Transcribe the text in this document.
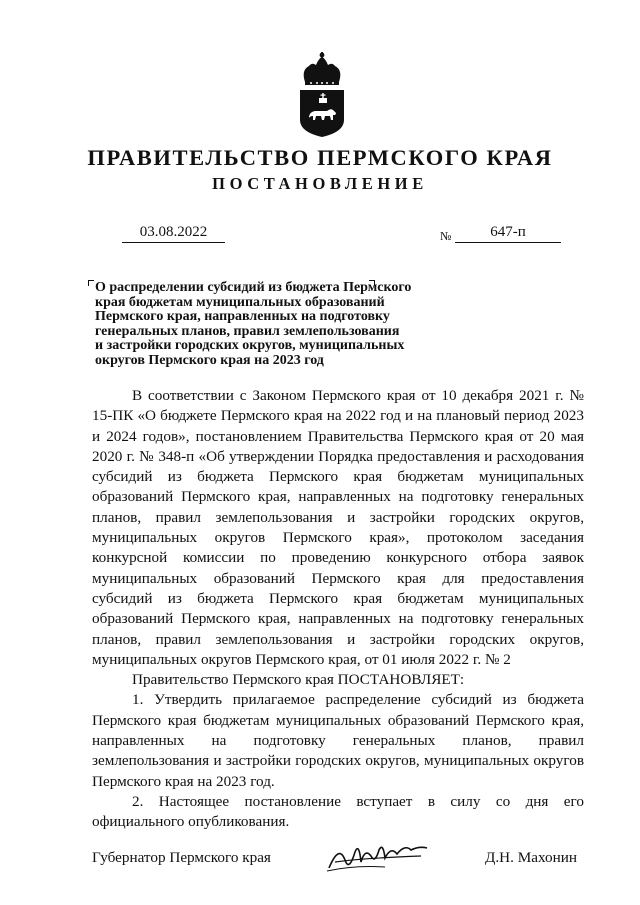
ПРАВИТЕЛЬСТВО ПЕРМСКОГО КРАЯ
ПОСТАНОВЛЕНИЕ
03.08.2022	№	647-п
О распределении субсидий из бюджета Пермского
края бюджетам муниципальных образований
Пермского края, направленных на подготовку
генеральных планов, правил землепользования
и застройки городских округов, муниципальных
округов Пермского края на 2023 год

В соответствии с Законом Пермского края от 10 декабря 2021 г. № 15-ПК «О бюджете Пермского края на 2022 год и на плановый период 2023 и 2024 годов», постановлением Правительства Пермского края от 20 мая 2020 г. № 348-п «Об утверждении Порядка предоставления и расходования субсидий из бюджета Пермского края бюджетам муниципальных образований Пермского края, направленных на подготовку генеральных планов, правил землепользования и застройки городских округов, муниципальных округов Пермского края», протоколом заседания конкурсной комиссии по проведению конкурсного отбора заявок муниципальных образований Пермского края для предоставления субсидий из бюджета Пермского края бюджетам муниципальных образований Пермского края, направленных на подготовку генеральных планов, правил землепользования и застройки городских округов, муниципальных округов Пермского края, от 01 июля 2022 г. № 2

Правительство Пермского края ПОСТАНОВЛЯЕТ:

1. Утвердить прилагаемое распределение субсидий из бюджета Пермского края бюджетам муниципальных образований Пермского края, направленных на подготовку генеральных планов, правил землепользования и застройки городских округов, муниципальных округов Пермского края на 2023 год.

2. Настоящее постановление вступает в силу со дня его официального опубликования.

Губернатор Пермского края	Д.Н. Махонин
